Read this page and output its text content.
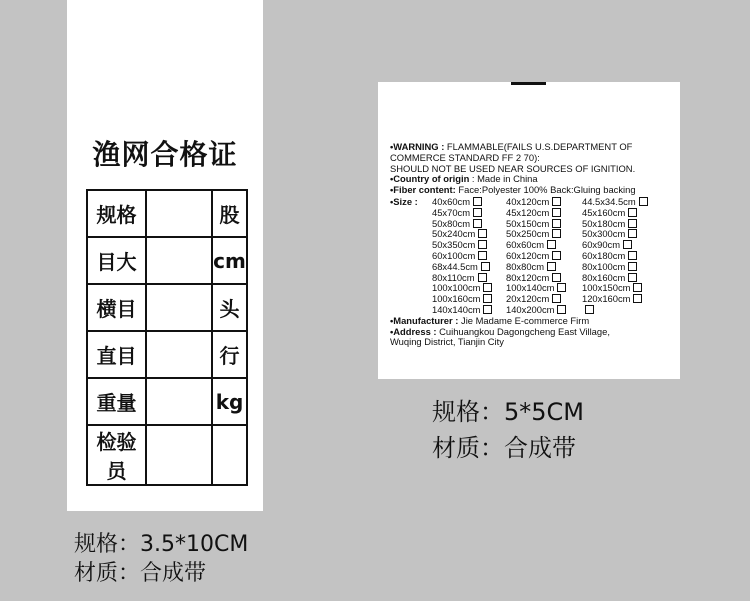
渔网合格证
规格		股
目大		cm
横目		头
直目		行
重量		kg
检验员		
规格：3.5*10CM
材质：合成带
•WARNING : FLAMMABLE(FAILS U.S.DEPARTMENT OF
COMMERCE STANDARD FF 2 70):
SHOULD NOT BE USED NEAR SOURCES OF IGNITION.
•Country of origin : Made in China
•Fiber content: Face:Polyester 100% Back:Gluing backing
•Size :	40x60cm	40x120cm	44.5x34.5cm
45x70cm	45x120cm	45x160cm
50x80cm	50x150cm	50x180cm
50x240cm	50x250cm	50x300cm
50x350cm	60x60cm	60x90cm
60x100cm	60x120cm	60x180cm
68x44.5cm	80x80cm	80x100cm
80x110cm	80x120cm	80x160cm
100x100cm	100x140cm	100x150cm
100x160cm	20x120cm	120x160cm
140x140cm	140x200cm
•Manufacturer : Jie Madame E-commerce Firm
•Address : Cuihuangkou Dagongcheng East Village,
Wuqing District, Tianjin City
规格：5*5CM
材质：合成带
